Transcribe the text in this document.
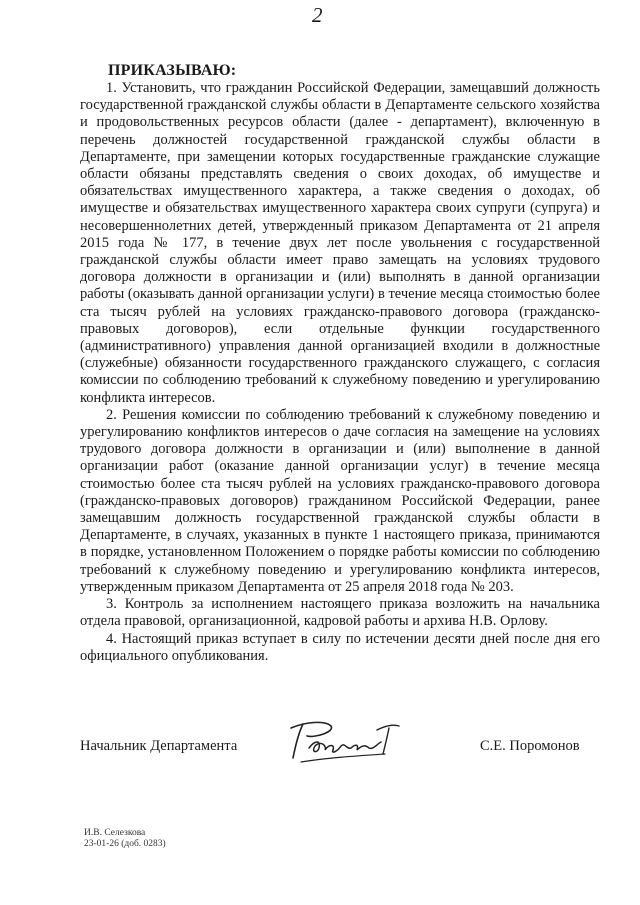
2
ПРИКАЗЫВАЮ:

1. Установить, что гражданин Российской Федерации, замещавший должность государственной гражданской службы области в Департаменте сельского хозяйства и продовольственных ресурсов области (далее - департамент), включенную в перечень должностей государственной гражданской службы области в Департаменте, при замещении которых государственные гражданские служащие области обязаны представлять сведения о своих доходах, об имуществе и обязательствах имущественного характера, а также сведения о доходах, об имуществе и обязательствах имущественного характера своих супруги (супруга) и несовершеннолетних детей, утвержденный приказом Департамента от 21 апреля 2015 года № 177, в течение двух лет после увольнения с государственной гражданской службы области имеет право замещать на условиях трудового договора должности в организации и (или) выполнять в данной организации работы (оказывать данной организации услуги) в течение месяца стоимостью более ста тысяч рублей на условиях гражданско-правового договора (гражданско-правовых договоров), если отдельные функции государственного (административного) управления данной организацией входили в должностные (служебные) обязанности государственного гражданского служащего, с согласия комиссии по соблюдению требований к служебному поведению и урегулированию конфликта интересов.

2. Решения комиссии по соблюдению требований к служебному поведению и урегулированию конфликтов интересов о даче согласия на замещение на условиях трудового договора должности в организации и (или) выполнение в данной организации работ (оказание данной организации услуг) в течение месяца стоимостью более ста тысяч рублей на условиях гражданско-правового договора (гражданско-правовых договоров) гражданином Российской Федерации, ранее замещавшим должность государственной гражданской службы области в Департаменте, в случаях, указанных в пункте 1 настоящего приказа, принимаются в порядке, установленном Положением о порядке работы комиссии по соблюдению требований к служебному поведению и урегулированию конфликта интересов, утвержденным приказом Департамента от 25 апреля 2018 года № 203.

3. Контроль за исполнением настоящего приказа возложить на начальника отдела правовой, организационной, кадровой работы и архива Н.В. Орлову.

4. Настоящий приказ вступает в силу по истечении десяти дней после дня его официального опубликования.

Начальник Департамента	С.Е. Поромонов
И.В. Селезкова
23-01-26 (доб. 0283)
